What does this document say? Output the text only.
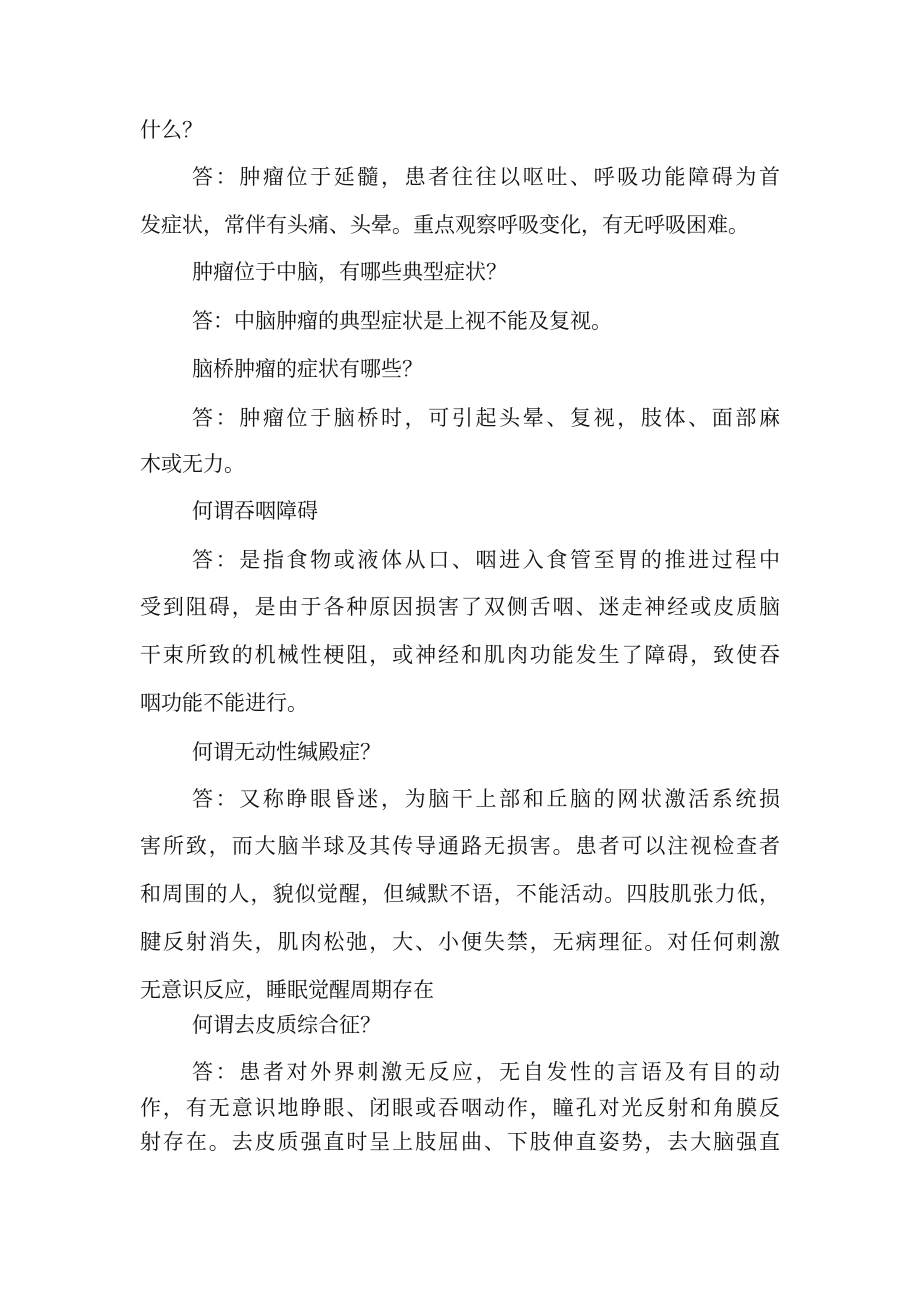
什么？
答：肿瘤位于延髓，患者往往以呕吐、呼吸功能障碍为首
发症状，常伴有头痛、头晕。重点观察呼吸变化，有无呼吸困难。
肿瘤位于中脑，有哪些典型症状？
答：中脑肿瘤的典型症状是上视不能及复视。
脑桥肿瘤的症状有哪些？
答：肿瘤位于脑桥时，可引起头晕、复视，肢体、面部麻
木或无力。
何谓吞咽障碍
答：是指食物或液体从口、咽进入食管至胃的推进过程中
受到阻碍，是由于各种原因损害了双侧舌咽、迷走神经或皮质脑
干束所致的机械性梗阻，或神经和肌肉功能发生了障碍，致使吞
咽功能不能进行。
何谓无动性缄殿症？
答：又称睁眼昏迷，为脑干上部和丘脑的网状激活系统损
害所致，而大脑半球及其传导通路无损害。患者可以注视检查者
和周围的人，貌似觉醒，但缄默不语，不能活动。四肢肌张力低，
腱反射消失，肌肉松弛，大、小便失禁，无病理征。对任何刺激
无意识反应，睡眠觉醒周期存在
何谓去皮质综合征？
答：患者对外界刺激无反应，无自发性的言语及有目的动
作，有无意识地睁眼、闭眼或吞咽动作，瞳孔对光反射和角膜反
射存在。去皮质强直时呈上肢屈曲、下肢伸直姿势，去大脑强直
